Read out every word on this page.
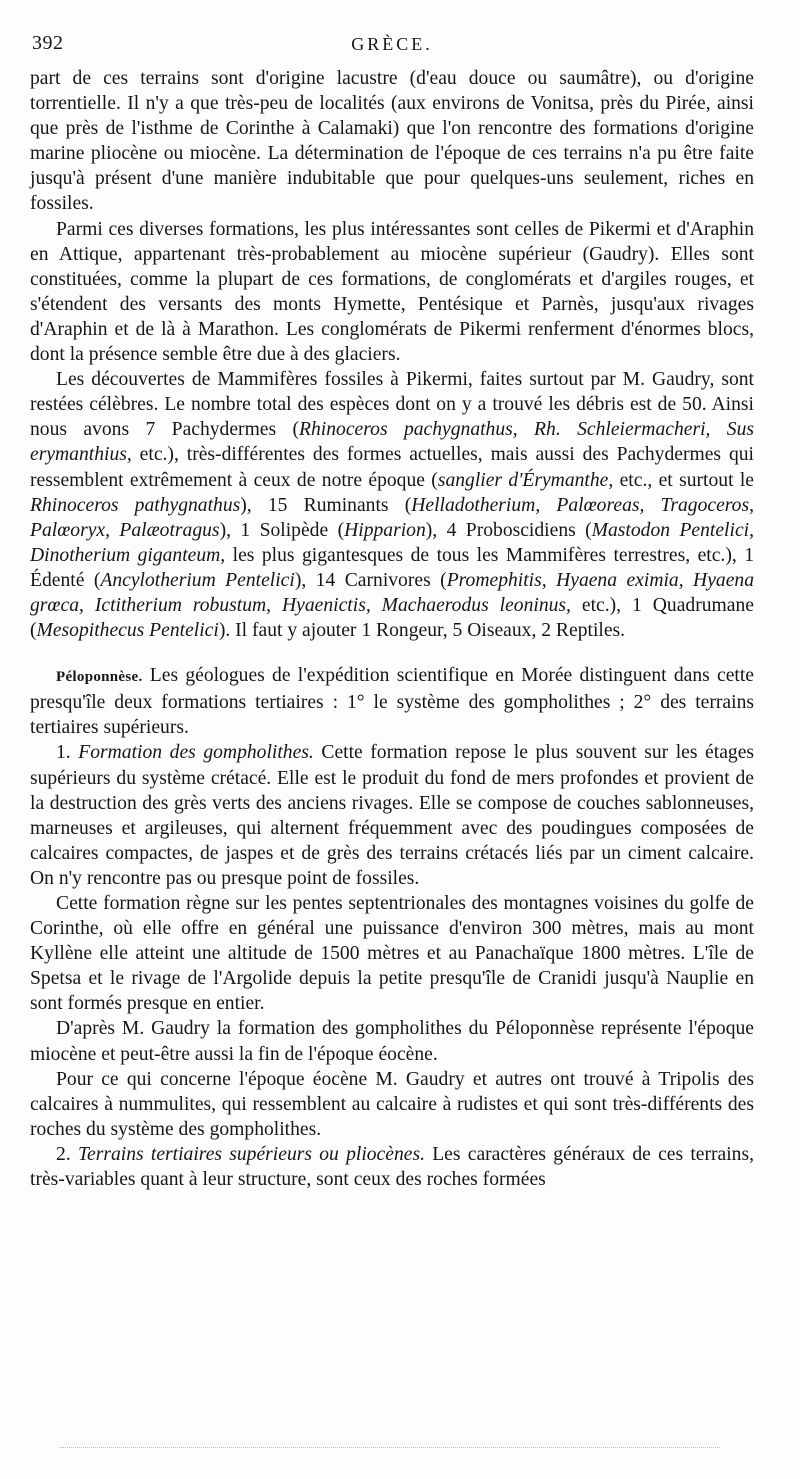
392	GRÈCE.

part de ces terrains sont d'origine lacustre (d'eau douce ou saumâtre), ou d'origine torrentielle. Il n'y a que très-peu de localités (aux environs de Vonitsa, près du Pirée, ainsi que près de l'isthme de Corinthe à Calamaki) que l'on rencontre des formations d'origine marine pliocène ou miocène. La détermination de l'époque de ces terrains n'a pu être faite jusqu'à présent d'une manière indubitable que pour quelques-uns seulement, riches en fossiles.

Parmi ces diverses formations, les plus intéressantes sont celles de Pikermi et d'Araphin en Attique, appartenant très-probablement au miocène supérieur (Gaudry). Elles sont constituées, comme la plupart de ces formations, de conglomérats et d'argiles rouges, et s'étendent des versants des monts Hymette, Pentésique et Parnès, jusqu'aux rivages d'Araphin et de là à Marathon. Les conglomérats de Pikermi renferment d'énormes blocs, dont la présence semble être due à des glaciers.

Les découvertes de Mammifères fossiles à Pikermi, faites surtout par M. Gaudry, sont restées célèbres. Le nombre total des espèces dont on y a trouvé les débris est de 50. Ainsi nous avons 7 Pachydermes (Rhinoceros pachygnathus, Rh. Schleiermacheri, Sus erymanthius, etc.), très-différentes des formes actuelles, mais aussi des Pachydermes qui ressemblent extrêmement à ceux de notre époque (sanglier d'Érymanthe, etc., et surtout le Rhinoceros pathygnathus), 15 Ruminants (Helladotherium, Palœoreas, Tragoceros, Palœoryx, Palæotragus), 1 Solipède (Hipparion), 4 Proboscidiens (Mastodon Pentelici, Dinotherium giganteum, les plus gigantesques de tous les Mammifères terrestres, etc.), 1 Édenté (Ancylotherium Pentelici), 14 Carnivores (Promephitis, Hyaena eximia, Hyaena grœca, Ictitherium robustum, Hyaenictis, Machaerodus leoninus, etc.), 1 Quadrumane (Mesopithecus Pentelici). Il faut y ajouter 1 Rongeur, 5 Oiseaux, 2 Reptiles.

Péloponnèse. Les géologues de l'expédition scientifique en Morée distinguent dans cette presqu'île deux formations tertiaires : 1° le système des gompholithes ; 2° des terrains tertiaires supérieurs.

1. Formation des gompholithes. Cette formation repose le plus souvent sur les étages supérieurs du système crétacé. Elle est le produit du fond de mers profondes et provient de la destruction des grès verts des anciens rivages. Elle se compose de couches sablonneuses, marneuses et argileuses, qui alternent fréquemment avec des poudingues composées de calcaires compactes, de jaspes et de grès des terrains crétacés liés par un ciment calcaire. On n'y rencontre pas ou presque point de fossiles.

Cette formation règne sur les pentes septentrionales des montagnes voisines du golfe de Corinthe, où elle offre en général une puissance d'environ 300 mètres, mais au mont Kyllène elle atteint une altitude de 1500 mètres et au Panachaïque 1800 mètres. L'île de Spetsa et le rivage de l'Argolide depuis la petite presqu'île de Cranidi jusqu'à Nauplie en sont formés presque en entier.

D'après M. Gaudry la formation des gompholithes du Péloponnèse représente l'époque miocène et peut-être aussi la fin de l'époque éocène.

Pour ce qui concerne l'époque éocène M. Gaudry et autres ont trouvé à Tripolis des calcaires à nummulites, qui ressemblent au calcaire à rudistes et qui sont très-différents des roches du système des gompholithes.

2. Terrains tertiaires supérieurs ou pliocènes. Les caractères généraux de ces terrains, très-variables quant à leur structure, sont ceux des roches formées
